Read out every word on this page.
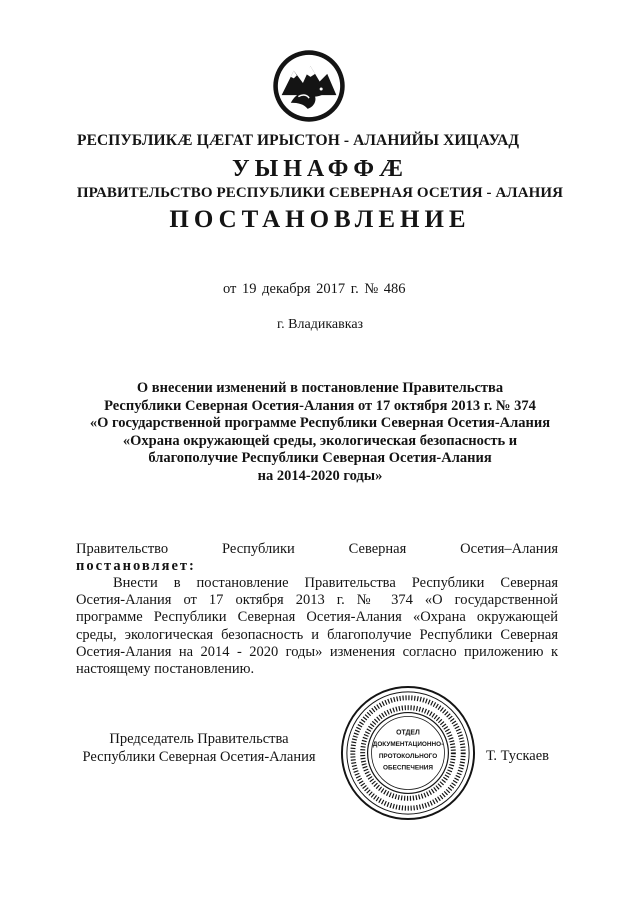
РЕСПУБЛИКӔ ЦӔГАТ ИРЫСТОН - АЛАНИЙЫ ХИЦАУАД
УЫНАФФӔ
ПРАВИТЕЛЬСТВО РЕСПУБЛИКИ СЕВЕРНАЯ ОСЕТИЯ - АЛАНИЯ
ПОСТАНОВЛЕНИЕ
от 19 декабря 2017 г. № 486
г. Владикавказ
О внесении изменений в постановление Правительства
Республики Северная Осетия-Алания от 17 октября 2013 г. № 374
«О государственной программе Республики Северная Осетия-Алания
«Охрана окружающей среды, экологическая безопасность и
благополучие Республики Северная Осетия-Алания
на 2014-2020 годы»
Правительство Республики Северная Осетия–Алания
постановляет:
Внести в постановление Правительства Республики Северная
Осетия-Алания от 17 октября 2013 г. № 374 «О государственной
программе Республики Северная Осетия-Алания «Охрана окружающей
среды, экологическая безопасность и благополучие Республики Северная
Осетия-Алания на 2014 - 2020 годы» изменения согласно приложению к
настоящему постановлению.
Председатель Правительства
Республики Северная Осетия-Алания
ОТДЕЛ
ДОКУМЕНТАЦИОННО-
ПРОТОКОЛЬНОГО
ОБЕСПЕЧЕНИЯ
Т. Тускаев
